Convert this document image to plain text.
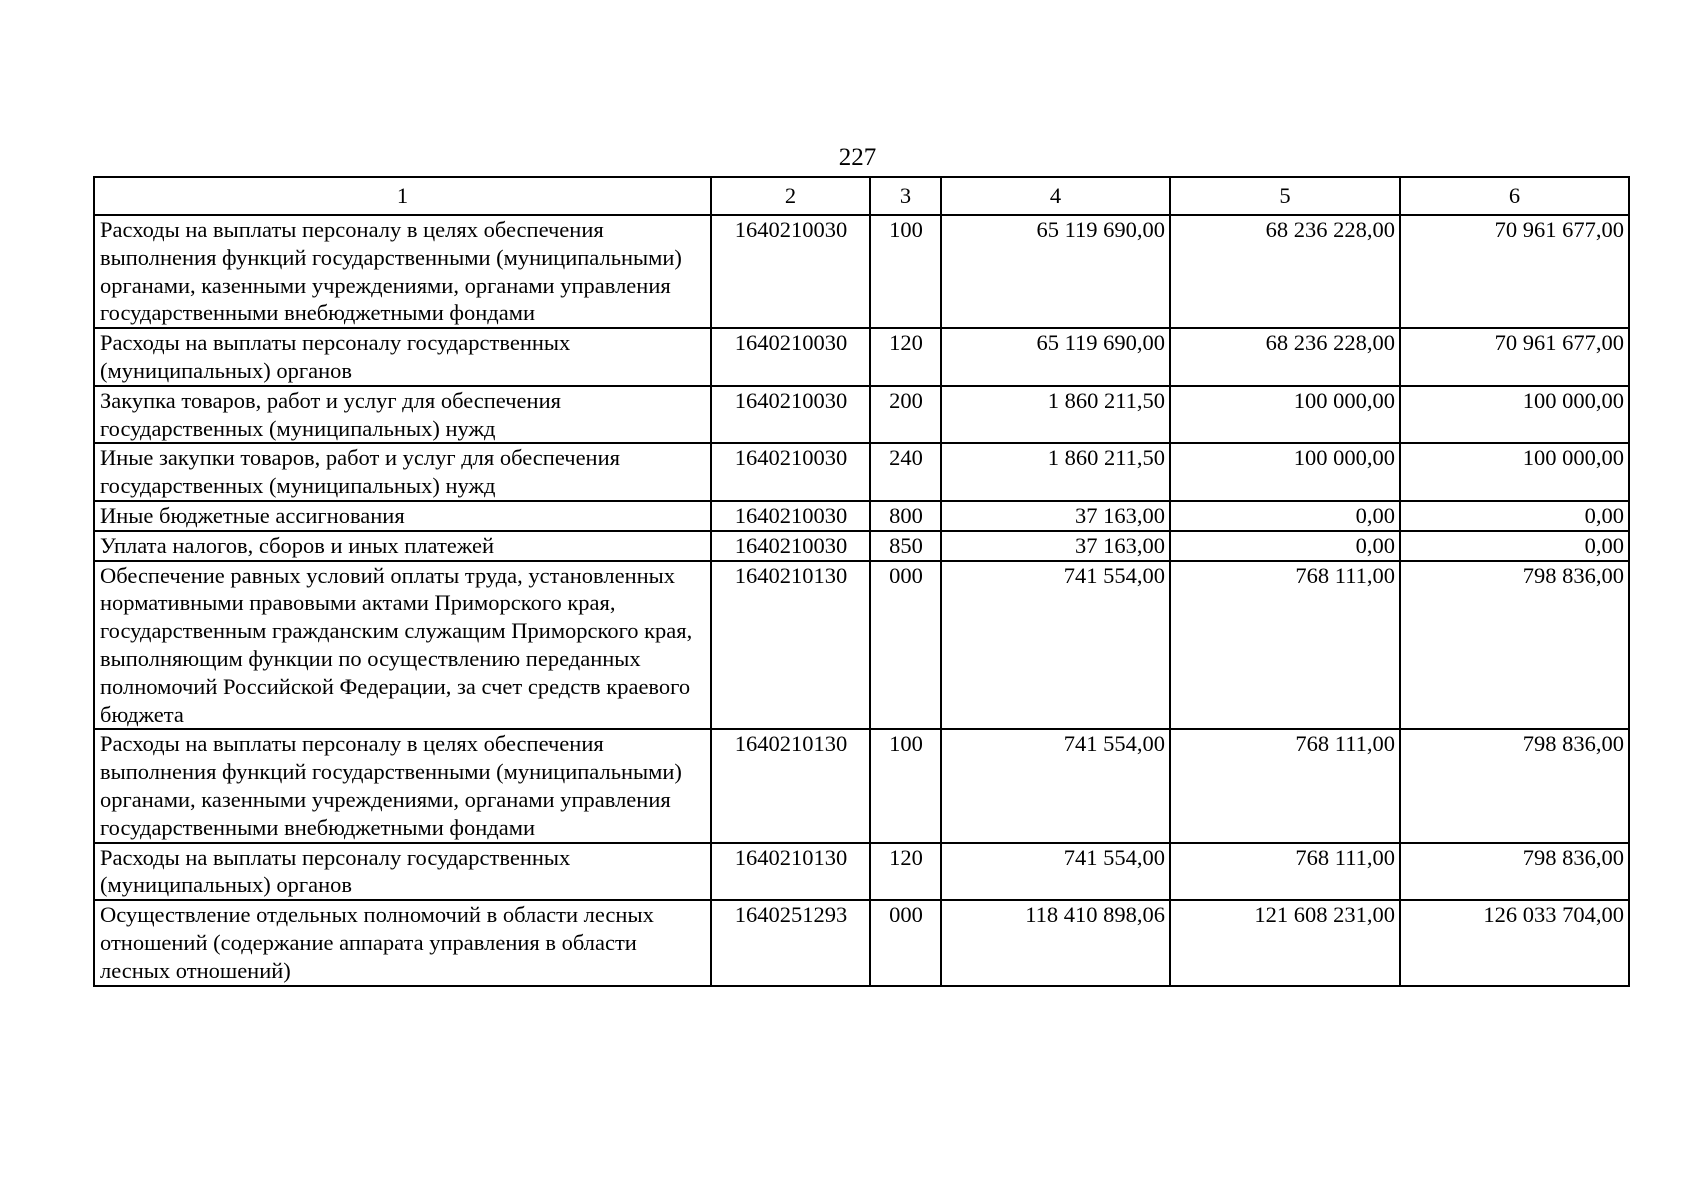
227
1	2	3	4	5	6
Расходы на выплаты персоналу в целях обеспечения выполнения функций государственными (муниципальными) органами, казенными учреждениями, органами управления государственными внебюджетными фондами	1640210030	100	65 119 690,00	68 236 228,00	70 961 677,00
Расходы на выплаты персоналу государственных (муниципальных) органов	1640210030	120	65 119 690,00	68 236 228,00	70 961 677,00
Закупка товаров, работ и услуг для обеспечения государственных (муниципальных) нужд	1640210030	200	1 860 211,50	100 000,00	100 000,00
Иные закупки товаров, работ и услуг для обеспечения государственных (муниципальных) нужд	1640210030	240	1 860 211,50	100 000,00	100 000,00
Иные бюджетные ассигнования	1640210030	800	37 163,00	0,00	0,00
Уплата налогов, сборов и иных платежей	1640210030	850	37 163,00	0,00	0,00
Обеспечение равных условий оплаты труда, установленных нормативными правовыми актами Приморского края, государственным гражданским служащим Приморского края, выполняющим функции по осуществлению переданных полномочий Российской Федерации, за счет средств краевого бюджета	1640210130	000	741 554,00	768 111,00	798 836,00
Расходы на выплаты персоналу в целях обеспечения выполнения функций государственными (муниципальными) органами, казенными учреждениями, органами управления государственными внебюджетными фондами	1640210130	100	741 554,00	768 111,00	798 836,00
Расходы на выплаты персоналу государственных (муниципальных) органов	1640210130	120	741 554,00	768 111,00	798 836,00
Осуществление отдельных полномочий в области лесных отношений (содержание аппарата управления в области лесных отношений)	1640251293	000	118 410 898,06	121 608 231,00	126 033 704,00
